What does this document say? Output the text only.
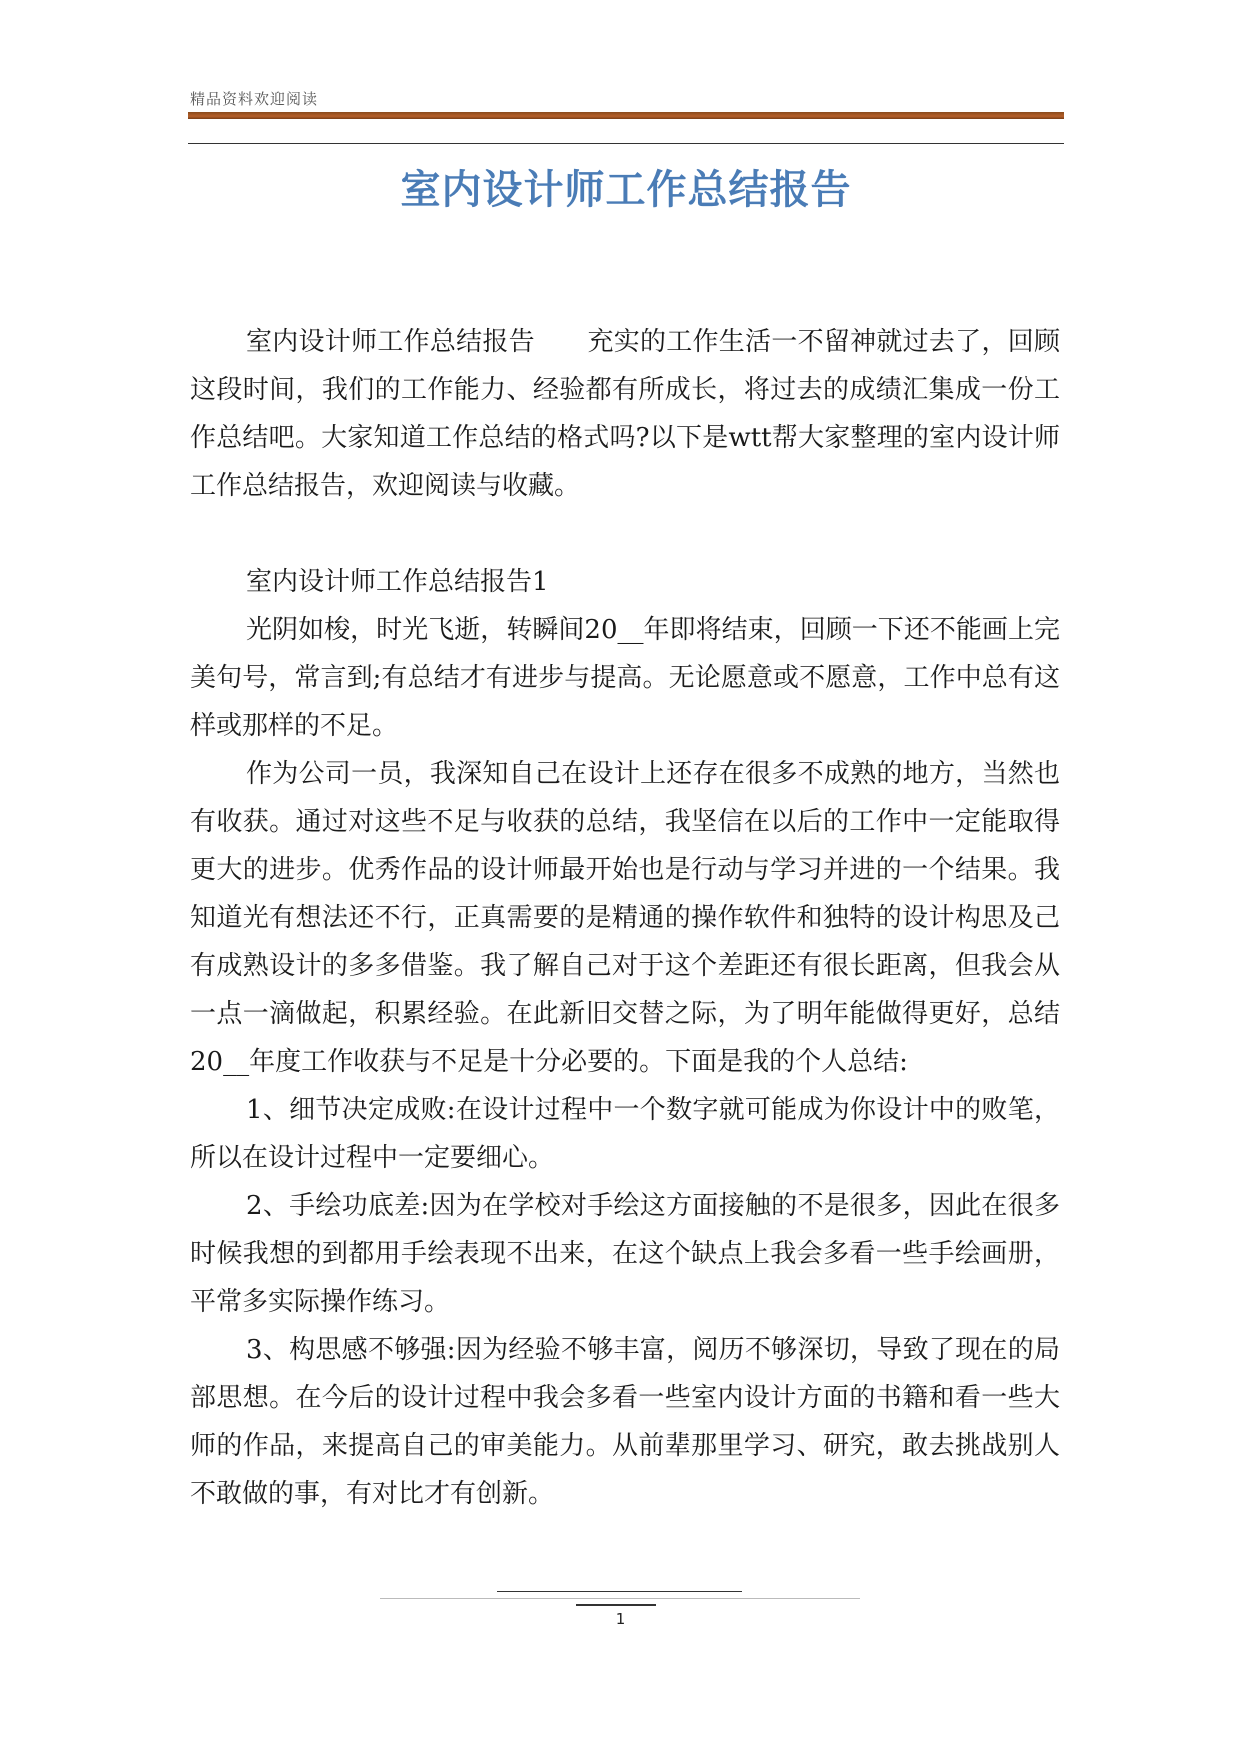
精品资料欢迎阅读
室内设计师工作总结报告

室内设计师工作总结报告　　充实的工作生活一不留神就过去了，回顾这段时间，我们的工作能力、经验都有所成长，将过去的成绩汇集成一份工作总结吧。大家知道工作总结的格式吗?以下是wtt帮大家整理的室内设计师工作总结报告，欢迎阅读与收藏。

室内设计师工作总结报告1

光阴如梭，时光飞逝，转瞬间20__年即将结束，回顾一下还不能画上完美句号，常言到;有总结才有进步与提高。无论愿意或不愿意，工作中总有这样或那样的不足。

作为公司一员，我深知自己在设计上还存在很多不成熟的地方，当然也有收获。通过对这些不足与收获的总结，我坚信在以后的工作中一定能取得更大的进步。优秀作品的设计师最开始也是行动与学习并进的一个结果。我知道光有想法还不行，正真需要的是精通的操作软件和独特的设计构思及己有成熟设计的多多借鉴。我了解自己对于这个差距还有很长距离，但我会从一点一滴做起，积累经验。在此新旧交替之际，为了明年能做得更好，总结20__年度工作收获与不足是十分必要的。下面是我的个人总结:

1、细节决定成败:在设计过程中一个数字就可能成为你设计中的败笔，所以在设计过程中一定要细心。

2、手绘功底差:因为在学校对手绘这方面接触的不是很多，因此在很多时候我想的到都用手绘表现不出来，在这个缺点上我会多看一些手绘画册，平常多实际操作练习。

3、构思感不够强:因为经验不够丰富，阅历不够深切，导致了现在的局部思想。在今后的设计过程中我会多看一些室内设计方面的书籍和看一些大师的作品，来提高自己的审美能力。从前辈那里学习、研究，敢去挑战别人不敢做的事，有对比才有创新。

1
